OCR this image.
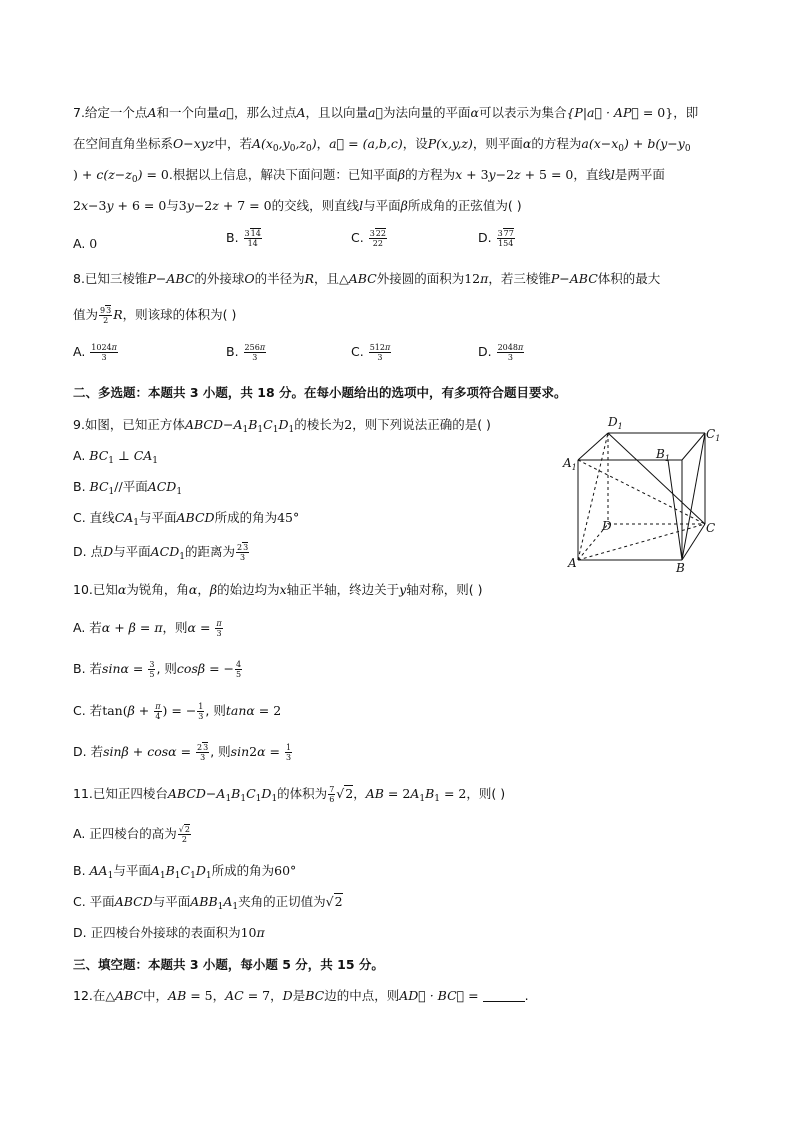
7.给定一个点A和一个向量a⃗，那么过点A，且以向量a⃗为法向量的平面α可以表示为集合{P|a⃗ · AP⃗ = 0}，即
在空间直角坐标系O−xyz中，若$A(x_0,y_0,z_0)$，a⃗ = (a,b,c)，设P(x,y,z)，则平面α的方程为$a(x-x_0) + b(y-y_0$
) + $c(z-z_0) = 0$.根据以上信息，解决下面问题：已知平面β的方程为x + 3y−2z + 5 = 0，直线l是两平面
2x−3y + 6 = 0与3y−2z + 7 = 0的交线，则直线l与平面β所成角的正弦值为( )
A. 0	B. $\frac{314}{14}$	C. $\frac{322}{22}$	D. $\frac{377}{154}$
8.已知三棱锥P−ABC的外接球O的半径为R，且△ABC外接圆的面积为12π，若三棱锥P−ABC体积的最大
值为 $\frac{93}{2}$ R，则该球的体积为( )
A. $\frac{1024\pi}{3}$	B. $\frac{256\pi}{3}$	C. $\frac{512\pi}{3}$	D. $\frac{2048\pi}{3}$
二、多选题：本题共 3 小题，共 18 分。在每小题给出的选项中，有多项符合题目要求。
9.如图，已知正方体$ABCD-A_1B_1C_1D_1$的棱长为2，则下列说法正确的是( )
A. $BC_1$ ⊥ $CA_1$
B. $BC_1//$平面$ACD_1$
C. 直线$CA_1$与平面ABCD所成的角为45°
D. 点D与平面$ACD_1$的距离为 $\frac{23}{3}$
$D_1$
$C_1$
$A_1$
$B_1$
D	C
A	B
10.已知α为锐角，角α，β的始边均为x轴正半轴，终边关于y轴对称，则( )
A. 若α + β = π，则$\alpha = \frac{\pi}{3}$
B. 若$\sin\alpha = \frac{3}{5}$ , 则cosβ = − $\frac{4}{5}$
C. 若$\tan(\beta + \frac{\pi}{4}$ ) = − $\frac{1}{3}$ , 则tanα = 2
D. 若$\sin\beta + \cos\alpha = \frac{23}{3}$ , 则$\sin 2\alpha = \frac{1}{3}$
11.已知正四棱台$ABCD-A_1B_1C_1D_1$的体积为 $\frac{7}{6} √2$，AB = $2A_1B_1 = 2$，则( )
A. 正四棱台的高为 $\frac{√2}{2}$
B. $AA_1$与平面$A_1B_1C_1D_1$所成的角为60°
C. 平面ABCD与平面$ABB_1A_1$夹角的正切值为√2
D. 正四棱台外接球的表面积为10π
三、填空题：本题共 3 小题，每小题 5 分，共 15 分。
12.在△ABC中，AB = 5，AC = 7，D是BC边的中点，则AD⃗ · BC⃗ =	.
